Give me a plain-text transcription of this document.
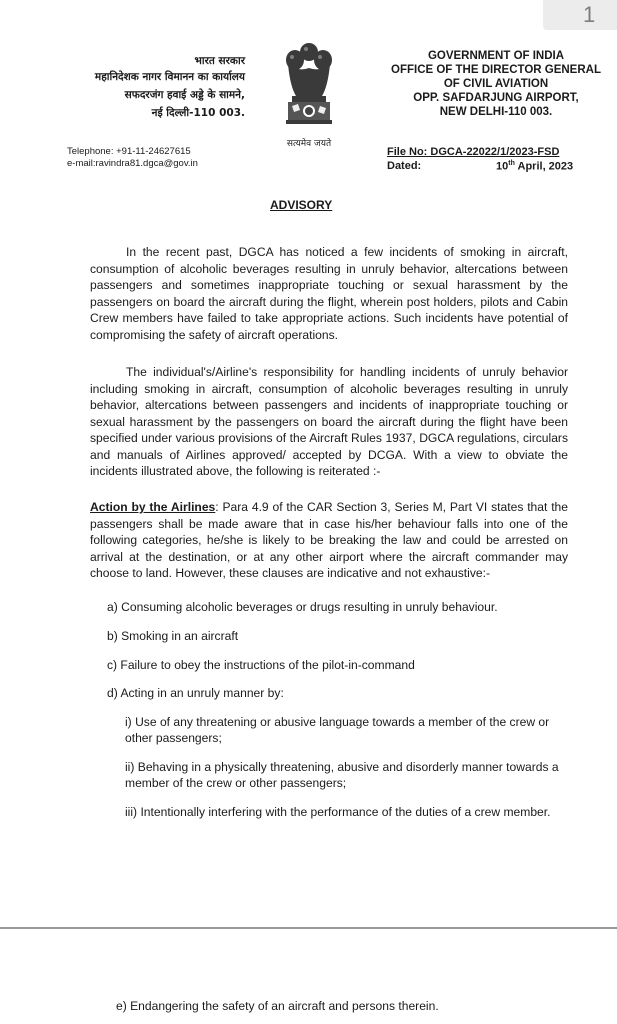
भारत सरकार
महानिदेशक नागर विमानन का कार्यालय
सफदरजंग हवाई अड्डे के सामने,
नई दिल्ली-110 003.
सत्यमेव जयते
GOVERNMENT OF INDIA
OFFICE OF THE DIRECTOR GENERAL
OF CIVIL AVIATION
OPP. SAFDARJUNG AIRPORT,
NEW DELHI-110 003.
Telephone: +91-11-24627615
e-mail:ravindra81.dgca@gov.in
File No: DGCA-22022/1/2023-FSD
Dated:	10th April, 2023
ADVISORY
In the recent past, DGCA has noticed a few incidents of smoking in aircraft, consumption of alcoholic beverages resulting in unruly behavior, altercations between passengers and sometimes inappropriate touching or sexual harassment by the passengers on board the aircraft during the flight, wherein post holders, pilots and Cabin Crew members have failed to take appropriate actions. Such incidents have potential of compromising the safety of aircraft operations.
The individual's/Airline's responsibility for handling incidents of unruly behavior including smoking in aircraft, consumption of alcoholic beverages resulting in unruly behavior, altercations between passengers and incidents of inappropriate touching or sexual harassment by the passengers on board the aircraft during the flight have been specified under various provisions of the Aircraft Rules 1937, DGCA regulations, circulars and manuals of Airlines approved/ accepted by DCGA. With a view to obviate the incidents illustrated above, the following is reiterated :-
Action by the Airlines: Para 4.9 of the CAR Section 3, Series M, Part VI states that the passengers shall be made aware that in case his/her behaviour falls into one of the following categories, he/she is likely to be breaking the law and could be arrested on arrival at the destination, or at any other airport where the aircraft commander may choose to land. However, these clauses are indicative and not exhaustive:-
a) Consuming alcoholic beverages or drugs resulting in unruly behaviour.
b) Smoking in an aircraft
c) Failure to obey the instructions of the pilot-in-command
d) Acting in an unruly manner by:
i) Use of any threatening or abusive language towards a member of the crew or other passengers;
ii) Behaving in a physically threatening, abusive and disorderly manner towards a member of the crew or other passengers;
iii) Intentionally interfering with the performance of the duties of a crew member.
1
e) Endangering the safety of an aircraft and persons therein.
